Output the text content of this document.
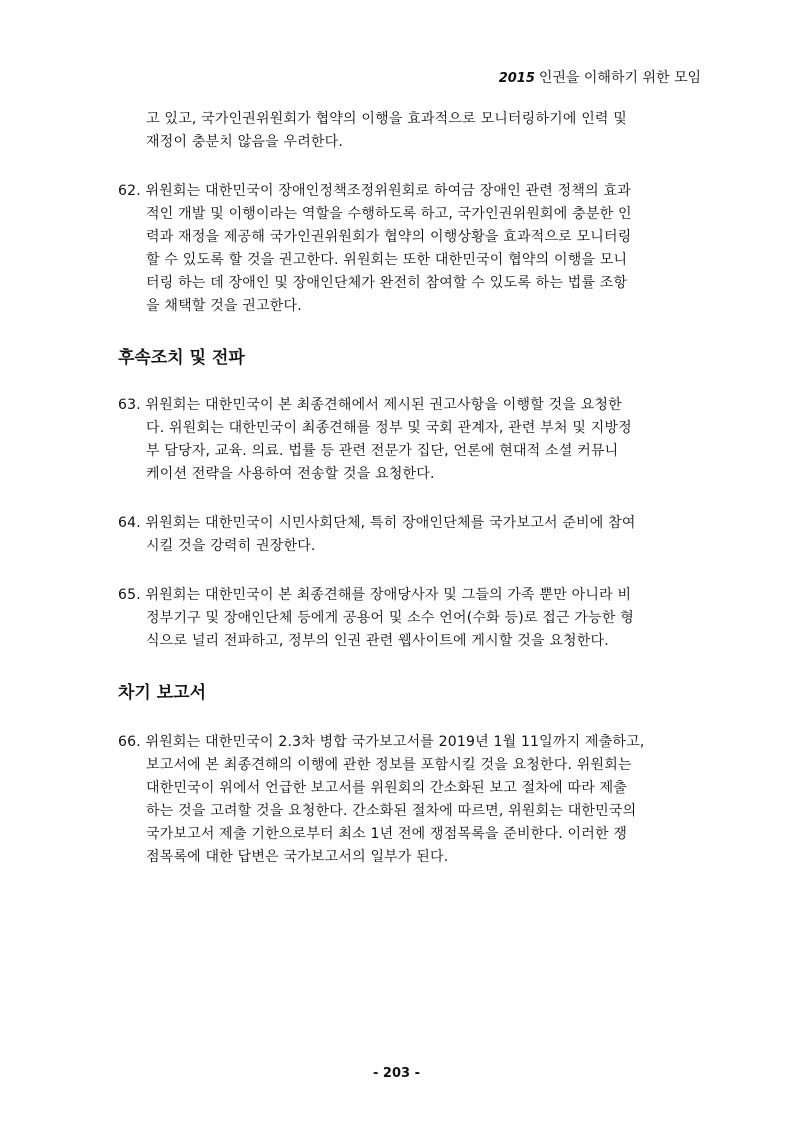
2015 인권을 이해하기 위한 모임
고 있고, 국가인권위원회가 협약의 이행을 효과적으로 모니터링하기에 인력 및
재정이 충분치 않음을 우려한다.
62. 위원회는 대한민국이 장애인정책조정위원회로 하여금 장애인 관련 정책의 효과
적인 개발 및 이행이라는 역할을 수행하도록 하고, 국가인권위원회에 충분한 인
력과 재정을 제공해 국가인권위원회가 협약의 이행상황을 효과적으로 모니터링
할 수 있도록 할 것을 권고한다. 위원회는 또한 대한민국이 협약의 이행을 모니
터링 하는 데 장애인 및 장애인단체가 완전히 참여할 수 있도록 하는 법률 조항
을 채택할 것을 권고한다.
후속조치 및 전파
63. 위원회는 대한민국이 본 최종견해에서 제시된 권고사항을 이행할 것을 요청한
다. 위원회는 대한민국이 최종견해를 정부 및 국회 관계자, 관련 부처 및 지방정
부 담당자, 교육. 의료. 법률 등 관련 전문가 집단, 언론에 현대적 소셜 커뮤니
케이션 전략을 사용하여 전송할 것을 요청한다.
64. 위원회는 대한민국이 시민사회단체, 특히 장애인단체를 국가보고서 준비에 참여
시킬 것을 강력히 권장한다.
65. 위원회는 대한민국이 본 최종견해를 장애당사자 및 그들의 가족 뿐만 아니라 비
정부기구 및 장애인단체 등에게 공용어 및 소수 언어(수화 등)로 접근 가능한 형
식으로 널리 전파하고, 정부의 인권 관련 웹사이트에 게시할 것을 요청한다.
차기 보고서
66. 위원회는 대한민국이 2.3차 병합 국가보고서를 2019년 1월 11일까지 제출하고,
보고서에 본 최종견해의 이행에 관한 정보를 포함시킬 것을 요청한다. 위원회는
대한민국이 위에서 언급한 보고서를 위원회의 간소화된 보고 절차에 따라 제출
하는 것을 고려할 것을 요청한다. 간소화된 절차에 따르면, 위원회는 대한민국의
국가보고서 제출 기한으로부터 최소 1년 전에 쟁점목록을 준비한다. 이러한 쟁
점목록에 대한 답변은 국가보고서의 일부가 된다.
- 203 -
